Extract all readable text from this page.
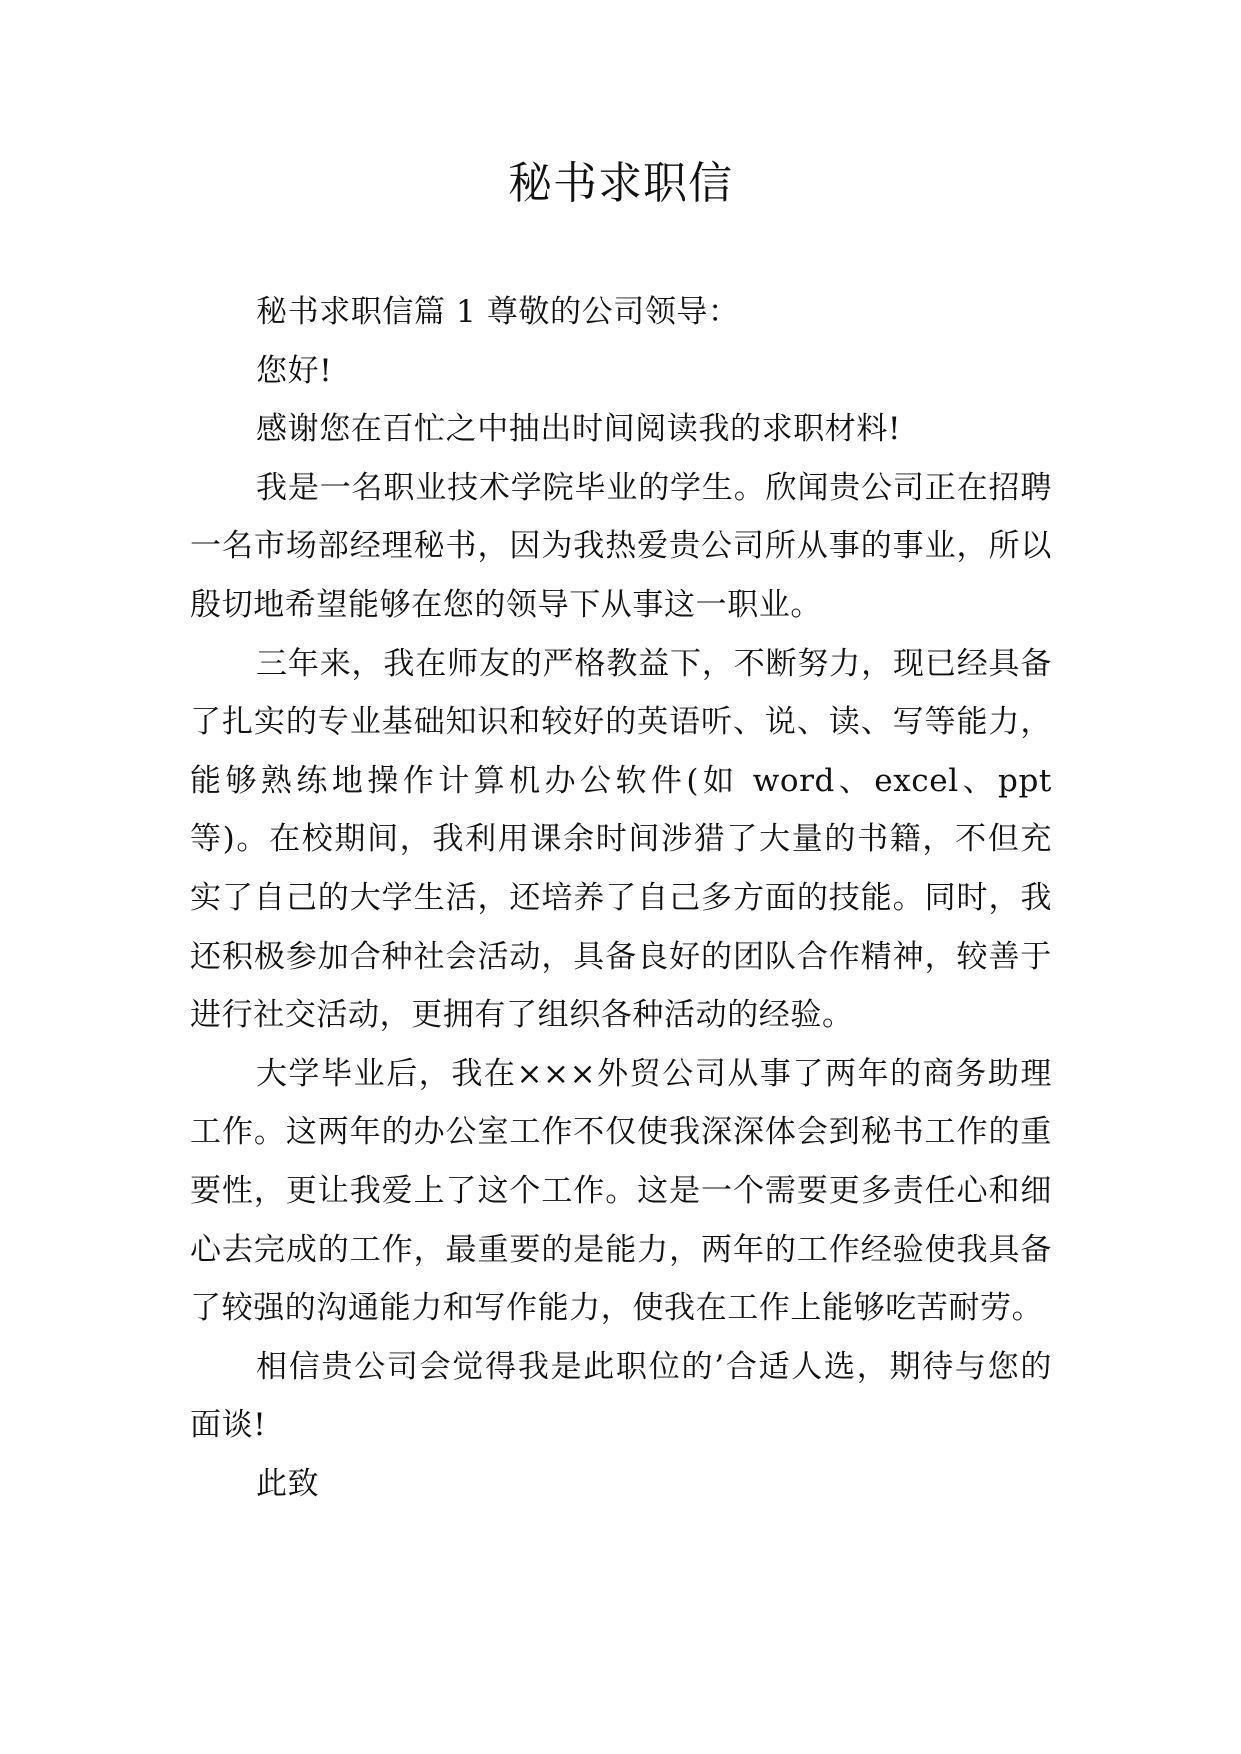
秘书求职信

秘书求职信篇 1 尊敬的公司领导：

您好!

感谢您在百忙之中抽出时间阅读我的求职材料!

我是一名职业技术学院毕业的学生。欣闻贵公司正在招聘一名市场部经理秘书，因为我热爱贵公司所从事的事业，所以殷切地希望能够在您的领导下从事这一职业。

三年来，我在师友的严格教益下，不断努力，现已经具备了扎实的专业基础知识和较好的英语听、说、读、写等能力，能够熟练地操作计算机办公软件(如 word、excel、ppt 等)。在校期间，我利用课余时间涉猎了大量的书籍，不但充实了自己的大学生活，还培养了自己多方面的技能。同时，我还积极参加合种社会活动，具备良好的团队合作精神，较善于进行社交活动，更拥有了组织各种活动的经验。

大学毕业后，我在×××外贸公司从事了两年的商务助理工作。这两年的办公室工作不仅使我深深体会到秘书工作的重要性，更让我爱上了这个工作。这是一个需要更多责任心和细心去完成的工作，最重要的是能力，两年的工作经验使我具备了较强的沟通能力和写作能力，使我在工作上能够吃苦耐劳。

相信贵公司会觉得我是此职位的’合适人选，期待与您的面谈!

此致
